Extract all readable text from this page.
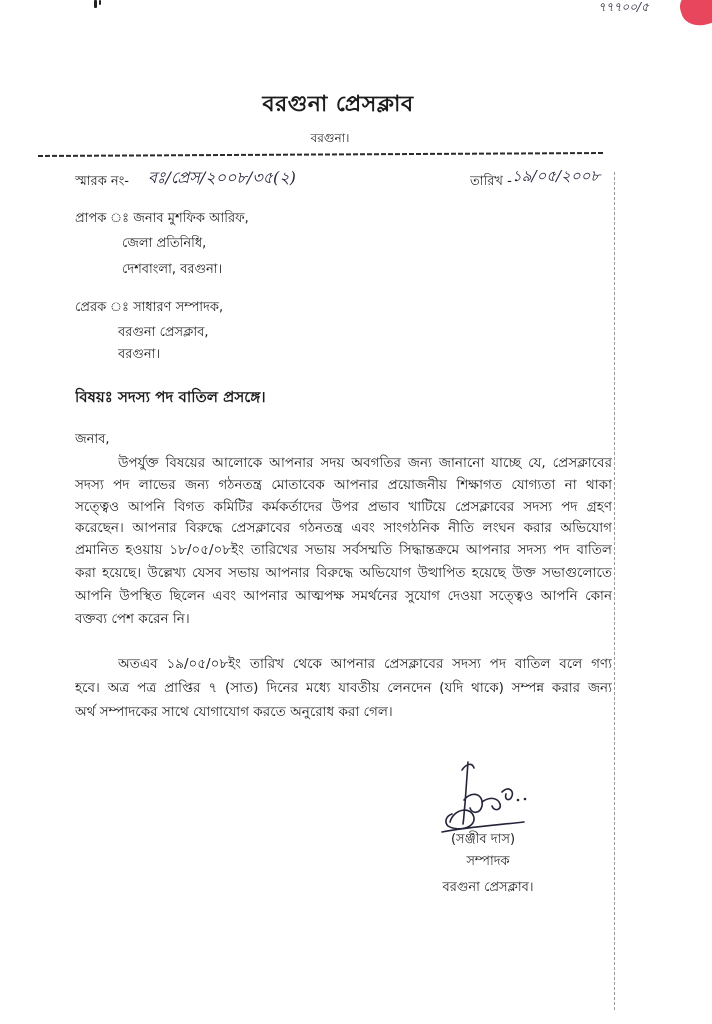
৭৭৭০০/৫
বরগুনা প্রেসক্লাব
বরগুনা।
স্মারক নং-	বঃ/প্রেস/২০০৮/৩৫(২)	তারিখ - ১৯/০৫/২০০৮
প্রাপক ঃ জনাব মুশফিক আরিফ,
জেলা প্রতিনিধি,
দেশবাংলা, বরগুনা।
প্রেরক ঃ সাধারণ সম্পাদক,
বরগুনা প্রেসক্লাব,
বরগুনা।
বিষয়ঃ সদস্য পদ বাতিল প্রসঙ্গে।
জনাব,
উপর্যুক্ত বিষয়ের আলোকে আপনার সদয় অবগতির জন্য জানানো যাচ্ছে যে, প্রেসক্লাবের
সদস্য পদ লাভের জন্য গঠনতন্ত্র মোতাবেক আপনার প্রয়োজনীয় শিক্ষাগত যোগ্যতা না থাকা
সত্ত্বেও আপনি বিগত কমিটির কর্মকর্তাদের উপর প্রভাব খাটিয়ে প্রেসক্লাবের সদস্য পদ গ্রহণ
করেছেন। আপনার বিরুদ্ধে প্রেসক্লাবের গঠনতন্ত্র এবং সাংগঠনিক নীতি লংঘন করার অভিযোগ
প্রমানিত হওয়ায় ১৮/০৫/০৮ইং তারিখের সভায় সর্বসম্মতি সিদ্ধান্তক্রমে আপনার সদস্য পদ বাতিল
করা হয়েছে। উল্লেখ্য যেসব সভায় আপনার বিরুদ্ধে অভিযোগ উত্থাপিত হয়েছে উক্ত সভাগুলোতে
আপনি উপস্থিত ছিলেন এবং আপনার আত্মপক্ষ সমর্থনের সুযোগ দেওয়া সত্ত্বেও আপনি কোন
বক্তব্য পেশ করেন নি।
অতএব ১৯/০৫/০৮ইং তারিখ থেকে আপনার প্রেসক্লাবের সদস্য পদ বাতিল বলে গণ্য
হবে। অত্র পত্র প্রাপ্তির ৭ (সাত) দিনের মধ্যে যাবতীয় লেনদেন (যদি থাকে) সম্পন্ন করার জন্য
অর্থ সম্পাদকের সাথে যোগাযোগ করতে অনুরোধ করা গেল।
(সঞ্জীব দাস)
সম্পাদক
বরগুনা প্রেসক্লাব।
